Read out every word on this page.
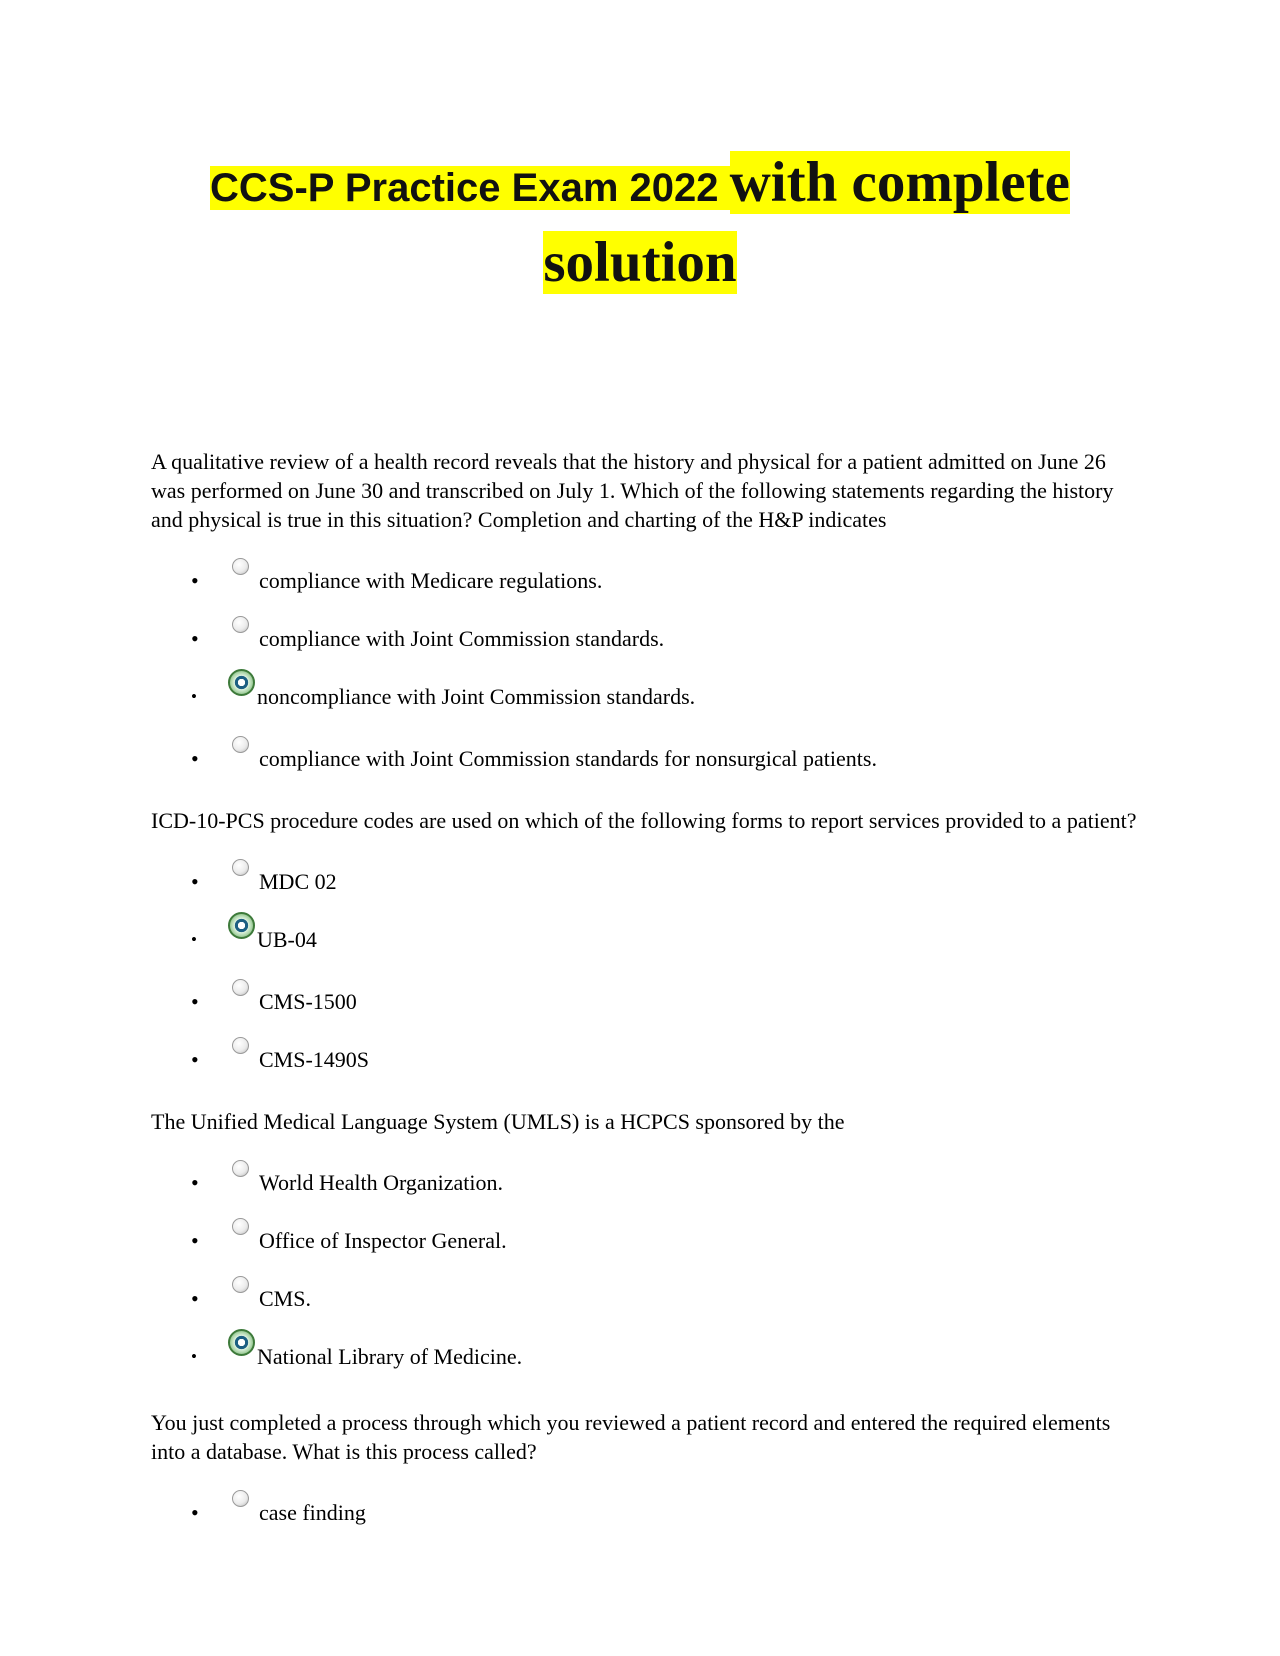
CCS-P Practice Exam 2022 with complete
solution

A qualitative review of a health record reveals that the history and physical for a patient admitted on June 26 was performed on June 30 and transcribed on July 1. Which of the following statements regarding the history and physical is true in this situation? Completion and charting of the H&P indicates

•	compliance with Medicare regulations.
•	compliance with Joint Commission standards.
•	noncompliance with Joint Commission standards.
•	compliance with Joint Commission standards for nonsurgical patients.

ICD-10-PCS procedure codes are used on which of the following forms to report services provided to a patient?

•	MDC 02
•	UB-04
•	CMS-1500
•	CMS-1490S

The Unified Medical Language System (UMLS) is a HCPCS sponsored by the

•	World Health Organization.
•	Office of Inspector General.
•	CMS.
•	National Library of Medicine.

You just completed a process through which you reviewed a patient record and entered the required elements into a database. What is this process called?

•	case finding
